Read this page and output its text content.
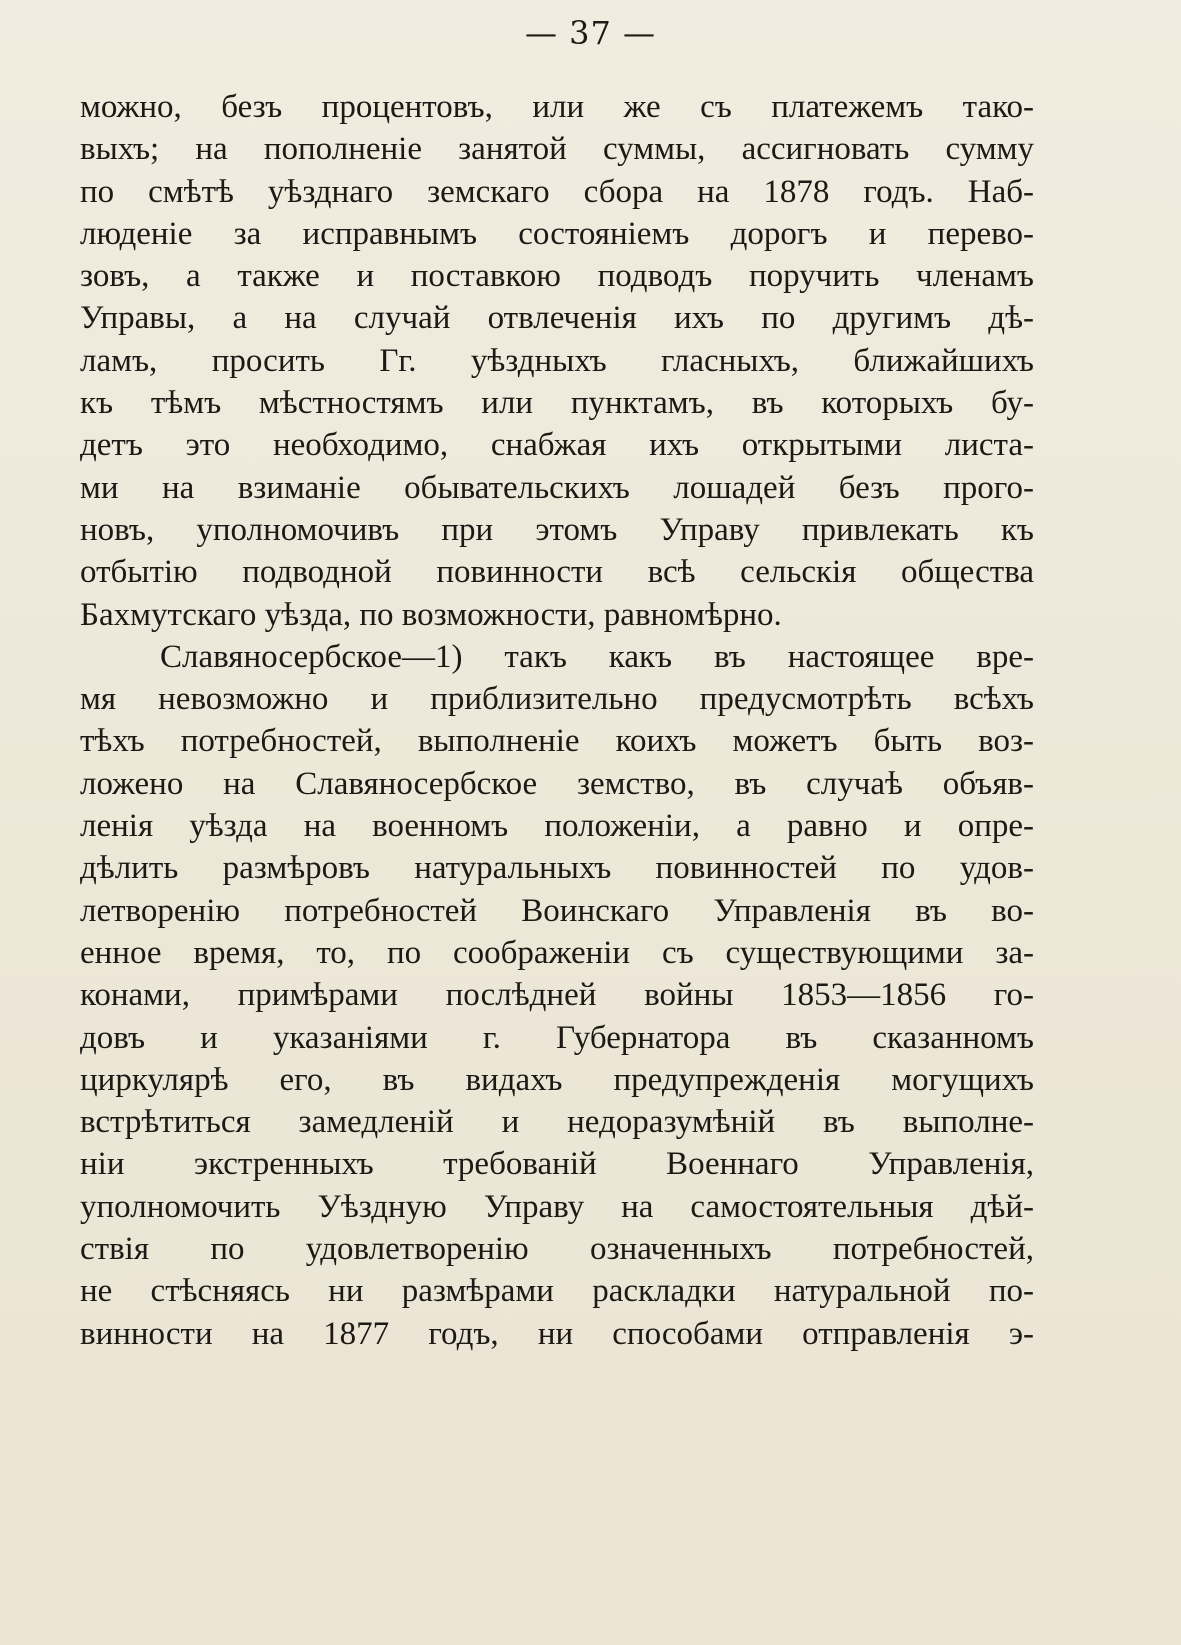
— 37 —
можно, безъ процентовъ, или же съ платежемъ тако-
выхъ; на пополненіе занятой суммы, ассигновать сумму
по смѣтѣ уѣзднаго земскаго сбора на 1878 годъ. Наб-
люденіе за исправнымъ состояніемъ дорогъ и перево-
зовъ, а также и поставкою подводъ поручить членамъ
Управы, а на случай отвлеченія ихъ по другимъ дѣ-
ламъ, просить Гг. уѣздныхъ гласныхъ, ближайшихъ
къ тѣмъ мѣстностямъ или пунктамъ, въ которыхъ бу-
детъ это необходимо, снабжая ихъ открытыми листа-
ми на взиманіе обывательскихъ лошадей безъ прого-
новъ, уполномочивъ при этомъ Управу привлекать къ
отбытію подводной повинности всѣ сельскія общества
Бахмутскаго уѣзда, по возможности, равномѣрно.
Славяносербское—1) такъ какъ въ настоящее вре-
мя невозможно и приблизительно предусмотрѣть всѣхъ
тѣхъ потребностей, выполненіе коихъ можетъ быть воз-
ложено на Славяносербское земство, въ случаѣ объяв-
ленія уѣзда на военномъ положеніи, а равно и опре-
дѣлить размѣровъ натуральныхъ повинностей по удов-
летворенію потребностей Воинскаго Управленія въ во-
енное время, то, по соображеніи съ существующими за-
конами, примѣрами послѣдней войны 1853—1856 го-
довъ и указаніями г. Губернатора въ сказанномъ
циркулярѣ его, въ видахъ предупрежденія могущихъ
встрѣтиться замедленій и недоразумѣній въ выполне-
ніи экстренныхъ требованій Военнаго Управленія,
уполномочить Уѣздную Управу на самостоятельныя дѣй-
ствія по удовлетворенію означенныхъ потребностей,
не стѣсняясь ни размѣрами раскладки натуральной по-
винности на 1877 годъ, ни способами отправленія э-
